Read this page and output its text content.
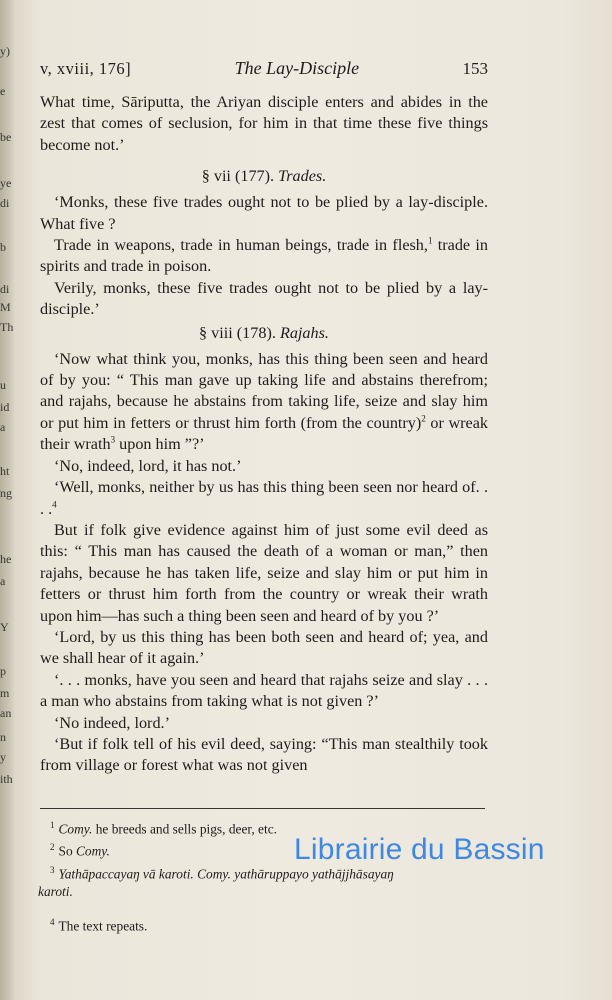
y)
e
be
ye
di
b
di
M
Th
u
id
a
ht
ng
he
a
Y
p
m
an
n
y
ith
v, xviii, 176]	The Lay-Disciple	153

What time, Sāriputta, the Ariyan disciple enters and abides in the zest that comes of seclusion, for him in that time these five things become not.’

§ vii (177). Trades.

‘Monks, these five trades ought not to be plied by a lay-disciple. What five ?

Trade in weapons, trade in human beings, trade in flesh,$^1$ trade in spirits and trade in poison.

Verily, monks, these five trades ought not to be plied by a lay-disciple.’

§ viii (178). Rajahs.

‘Now what think you, monks, has this thing been seen and heard of by you: “ This man gave up taking life and abstains therefrom; and rajahs, because he abstains from taking life, seize and slay him or put him in fetters or thrust him forth (from the country)$^2$ or wreak their wrath$^3$ upon him ”?’

‘No, indeed, lord, it has not.’

‘Well, monks, neither by us has this thing been seen nor heard of. . . .$^4$

But if folk give evidence against him of just some evil deed as this: “ This man has caused the death of a woman or man,” then rajahs, because he has taken life, seize and slay him or put him in fetters or thrust him forth from the country or wreak their wrath upon him—has such a thing been seen and heard of by you ?’

‘Lord, by us this thing has been both seen and heard of; yea, and we shall hear of it again.’

‘. . . monks, have you seen and heard that rajahs seize and slay . . . a man who abstains from taking what is not given ?’

‘No indeed, lord.’

‘But if folk tell of his evil deed, saying: “This man stealthily took from village or forest what was not given

$^1$ Comy. he breeds and sells pigs, deer, etc.

$^2$ So Comy.

$^3$ Yathāpaccayaŋ vā karoti. Comy. yathāruppayo yathājjhāsayaŋ

karoti.

$^4$ The text repeats.

Librairie du Bassin
